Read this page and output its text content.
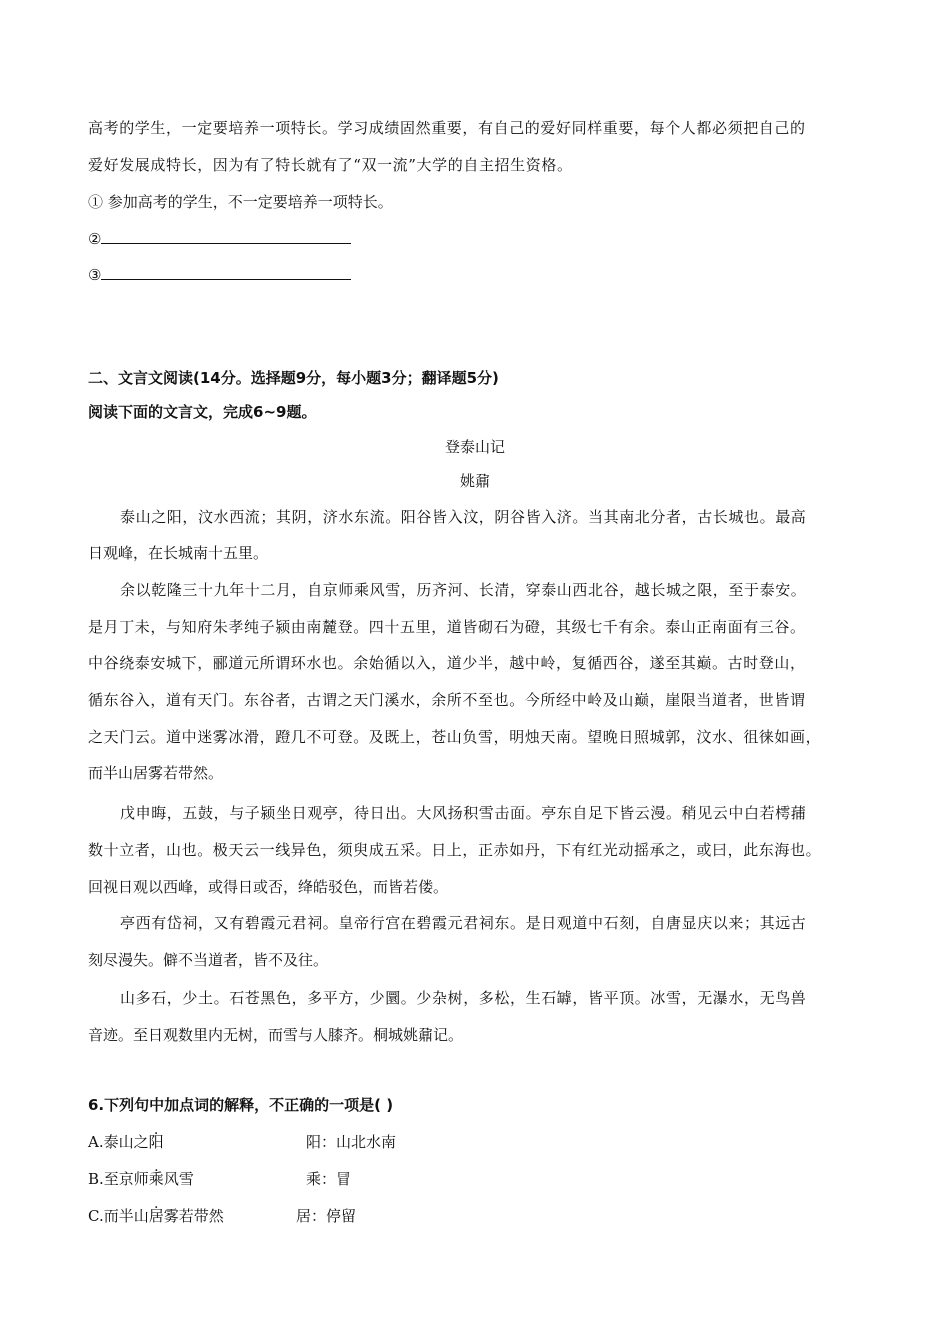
高考的学生，一定要培养一项特长。学习成绩固然重要，有自己的爱好同样重要，每个人都必须把自己的
爱好发展成特长，因为有了特长就有了“双一流”大学的自主招生资格。
① 参加高考的学生，不一定要培养一项特长。
②
③
二、文言文阅读(14分。选择题9分，每小题3分；翻译题5分)
阅读下面的文言文，完成6~9题。
登泰山记
姚鼐
泰山之阳，汶水西流；其阴，济水东流。阳谷皆入汶，阴谷皆入济。当其南北分者，古长城也。最高
日观峰，在长城南十五里。
余以乾隆三十九年十二月，自京师乘风雪，历齐河、长清，穿泰山西北谷，越长城之限，至于泰安。
是月丁未，与知府朱孝纯子颍由南麓登。四十五里，道皆砌石为磴，其级七千有余。泰山正南面有三谷。
中谷绕泰安城下，郦道元所谓环水也。余始循以入，道少半，越中岭，复循西谷，遂至其巅。古时登山，
循东谷入，道有天门。东谷者，古谓之天门溪水，余所不至也。今所经中岭及山巅，崖限当道者，世皆谓
之天门云。道中迷雾冰滑，蹬几不可登。及既上，苍山负雪，明烛天南。望晚日照城郭，汶水、徂徕如画，
而半山居雾若带然。
戊申晦，五鼓，与子颍坐日观亭，待日出。大风扬积雪击面。亭东自足下皆云漫。稍见云中白若樗蒱
数十立者，山也。极天云一线异色，须臾成五采。日上，正赤如丹，下有红光动摇承之，或曰，此东海也。
回视日观以西峰，或得日或否，绛皓驳色，而皆若偻。
亭西有岱祠，又有碧霞元君祠。皇帝行宫在碧霞元君祠东。是日观道中石刻，自唐显庆以来；其远古
刻尽漫失。僻不当道者，皆不及往。
山多石，少土。石苍黑色，多平方，少圜。少杂树，多松，生石罅，皆平顶。冰雪，无瀑水，无鸟兽
音迹。至日观数里内无树，而雪与人膝齐。桐城姚鼐记。
6.下列句中加点词的解释，不正确的一项是( )
A.泰山之阳	阳：山北水南
B.至京师乘风雪	乘：冒
C.而半山居雾若带然	居：停留
